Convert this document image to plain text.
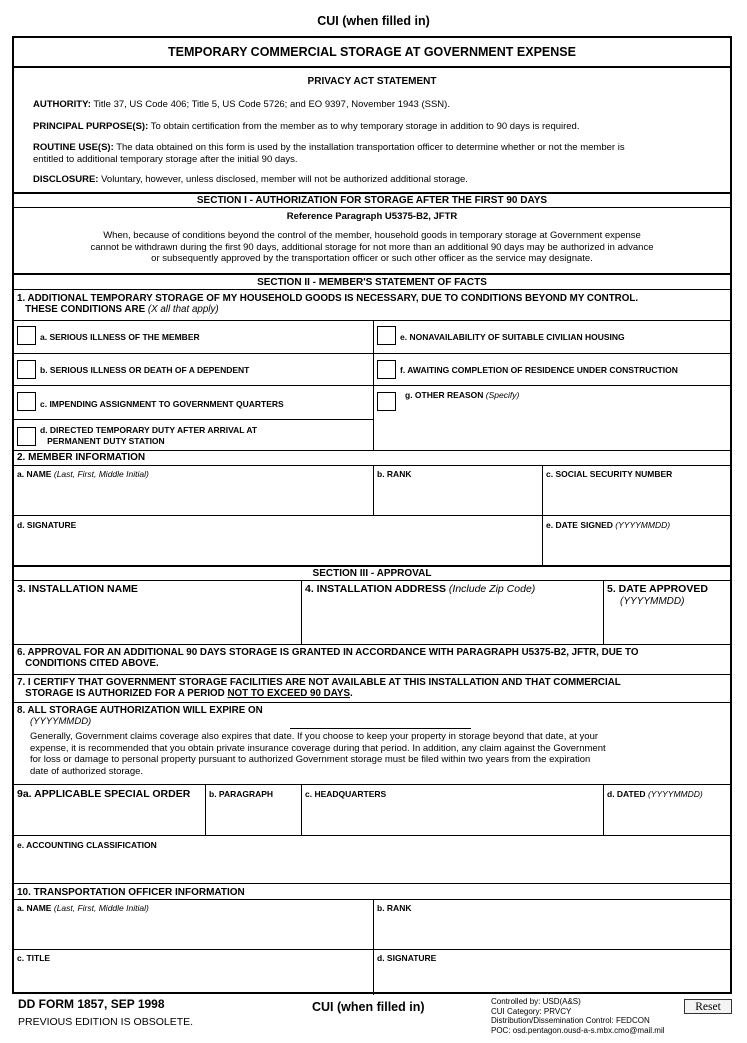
CUI (when filled in)
TEMPORARY COMMERCIAL STORAGE AT GOVERNMENT EXPENSE
PRIVACY ACT STATEMENT
AUTHORITY: Title 37, US Code 406; Title 5, US Code 5726; and EO 9397, November 1943 (SSN).
PRINCIPAL PURPOSE(S): To obtain certification from the member as to why temporary storage in addition to 90 days is required.
ROUTINE USE(S): The data obtained on this form is used by the installation transportation officer to determine whether or not the member is
entitled to additional temporary storage after the initial 90 days.
DISCLOSURE: Voluntary, however, unless disclosed, member will not be authorized additional storage.
SECTION I - AUTHORIZATION FOR STORAGE AFTER THE FIRST 90 DAYS
Reference Paragraph U5375-B2, JFTR
When, because of conditions beyond the control of the member, household goods in temporary storage at Government expense
cannot be withdrawn during the first 90 days, additional storage for not more than an additional 90 days may be authorized in advance
or subsequently approved by the transportation officer or such other officer as the service may designate.
SECTION II - MEMBER'S STATEMENT OF FACTS
1. ADDITIONAL TEMPORARY STORAGE OF MY HOUSEHOLD GOODS IS NECESSARY, DUE TO CONDITIONS BEYOND MY CONTROL.
THESE CONDITIONS ARE (X all that apply)
a. SERIOUS ILLNESS OF THE MEMBER
b. SERIOUS ILLNESS OR DEATH OF A DEPENDENT
c. IMPENDING ASSIGNMENT TO GOVERNMENT QUARTERS
d. DIRECTED TEMPORARY DUTY AFTER ARRIVAL AT
PERMANENT DUTY STATION
e. NONAVAILABILITY OF SUITABLE CIVILIAN HOUSING
f. AWAITING COMPLETION OF RESIDENCE UNDER CONSTRUCTION
g. OTHER REASON (Specify)
2. MEMBER INFORMATION
a. NAME (Last, First, Middle Initial)	b. RANK	c. SOCIAL SECURITY NUMBER
d. SIGNATURE	e. DATE SIGNED (YYYYMMDD)
SECTION III - APPROVAL
3. INSTALLATION NAME	4. INSTALLATION ADDRESS (Include Zip Code)	5. DATE APPROVED
(YYYYMMDD)
6. APPROVAL FOR AN ADDITIONAL 90 DAYS STORAGE IS GRANTED IN ACCORDANCE WITH PARAGRAPH U5375-B2, JFTR, DUE TO
CONDITIONS CITED ABOVE.
7. I CERTIFY THAT GOVERNMENT STORAGE FACILITIES ARE NOT AVAILABLE AT THIS INSTALLATION AND THAT COMMERCIAL
STORAGE IS AUTHORIZED FOR A PERIOD NOT TO EXCEED 90 DAYS.
8. ALL STORAGE AUTHORIZATION WILL EXPIRE ON
(YYYYMMDD)
Generally, Government claims coverage also expires that date. If you choose to keep your property in storage beyond that date, at your
expense, it is recommended that you obtain private insurance coverage during that period. In addition, any claim against the Government
for loss or damage to personal property pursuant to authorized Government storage must be filed within two years from the expiration
date of authorized storage.
9a. APPLICABLE SPECIAL ORDER b. PARAGRAPH	c. HEADQUARTERS	d. DATED (YYYYMMDD)
e. ACCOUNTING CLASSIFICATION
10. TRANSPORTATION OFFICER INFORMATION
a. NAME (Last, First, Middle Initial)	b. RANK
c. TITLE	d. SIGNATURE
DD FORM 1857, SEP 1998
PREVIOUS EDITION IS OBSOLETE.
CUI (when filled in)	Controlled by: USD(A&S)
CUI Category: PRVCY
Distribution/Dissemination Control: FEDCON
POC: osd.pentagon.ousd-a-s.mbx.cmo@mail.mil
Reset
